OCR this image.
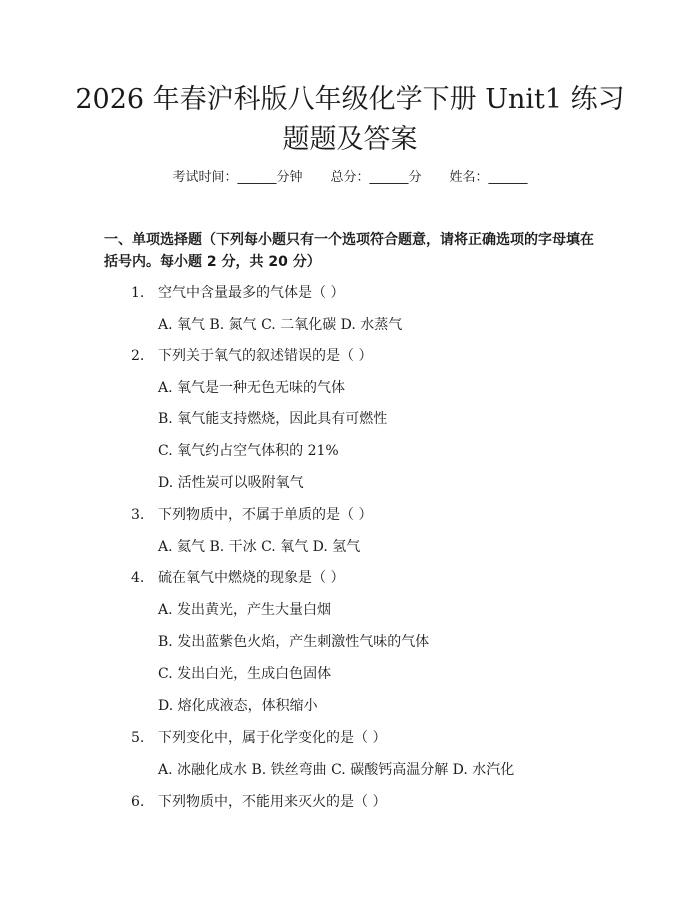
2026 年春沪科版八年级化学下册 Unit1 练习
题题及答案
考试时间：______分钟 总分：______分 姓名：______
一、单项选择题（下列每小题只有一个选项符合题意，请将正确选项的字母填在括号内。每小题 2 分，共 20 分）
1. 空气中含量最多的气体是（ ）
A. 氧气 B. 氮气 C. 二氧化碳 D. 水蒸气
2. 下列关于氧气的叙述错误的是（ ）
A. 氧气是一种无色无味的气体
B. 氧气能支持燃烧，因此具有可燃性
C. 氧气约占空气体积的 21%
D. 活性炭可以吸附氧气
3. 下列物质中，不属于单质的是（ ）
A. 氦气 B. 干冰 C. 氧气 D. 氢气
4. 硫在氧气中燃烧的现象是（ ）
A. 发出黄光，产生大量白烟
B. 发出蓝紫色火焰，产生刺激性气味的气体
C. 发出白光，生成白色固体
D. 熔化成液态，体积缩小
5. 下列变化中，属于化学变化的是（ ）
A. 冰融化成水 B. 铁丝弯曲 C. 碳酸钙高温分解 D. 水汽化
6. 下列物质中，不能用来灭火的是（ ）
